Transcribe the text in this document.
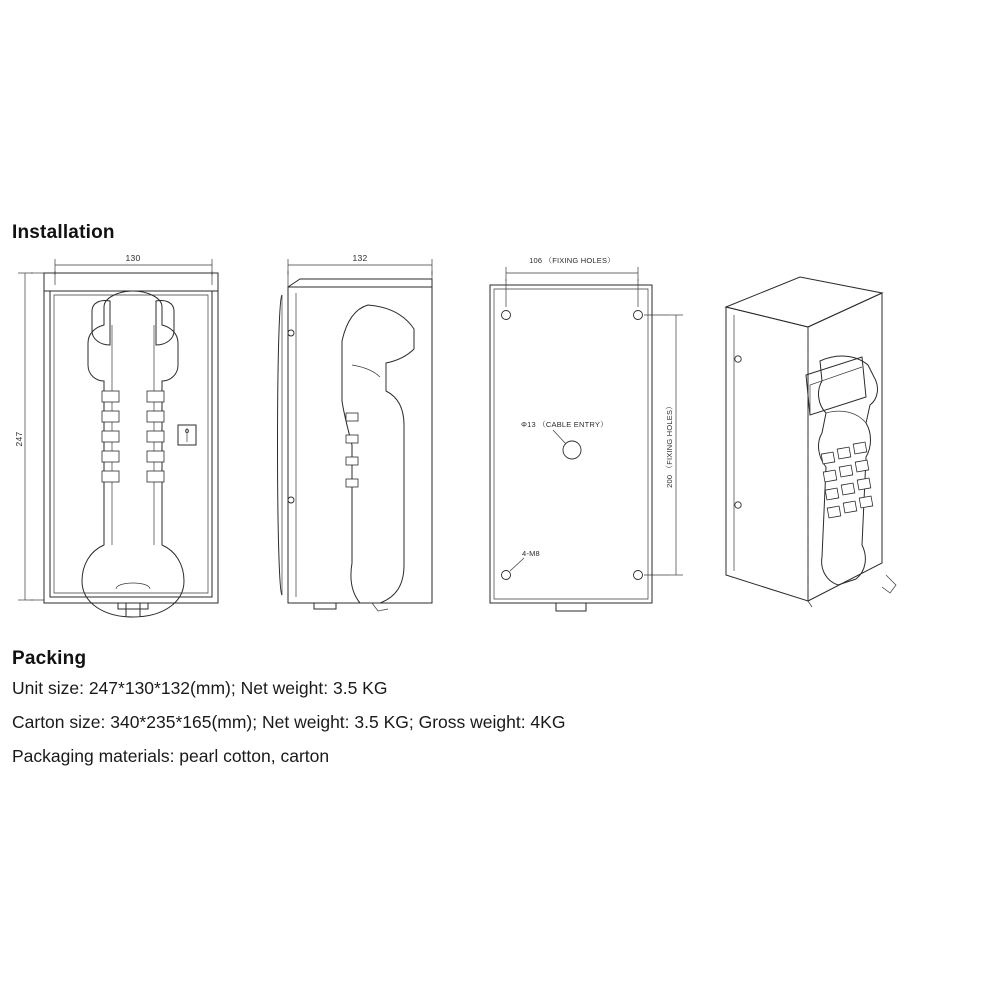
Installation
130
247
132	106 （FIXING HOLES）
200 （FIXING HOLES）
Φ13 （CABLE ENTRY）
4-M8
Packing
Unit size: 247*130*132(mm); Net weight: 3.5 KG
Carton size: 340*235*165(mm); Net weight: 3.5 KG; Gross weight: 4KG
Packaging materials: pearl cotton, carton
